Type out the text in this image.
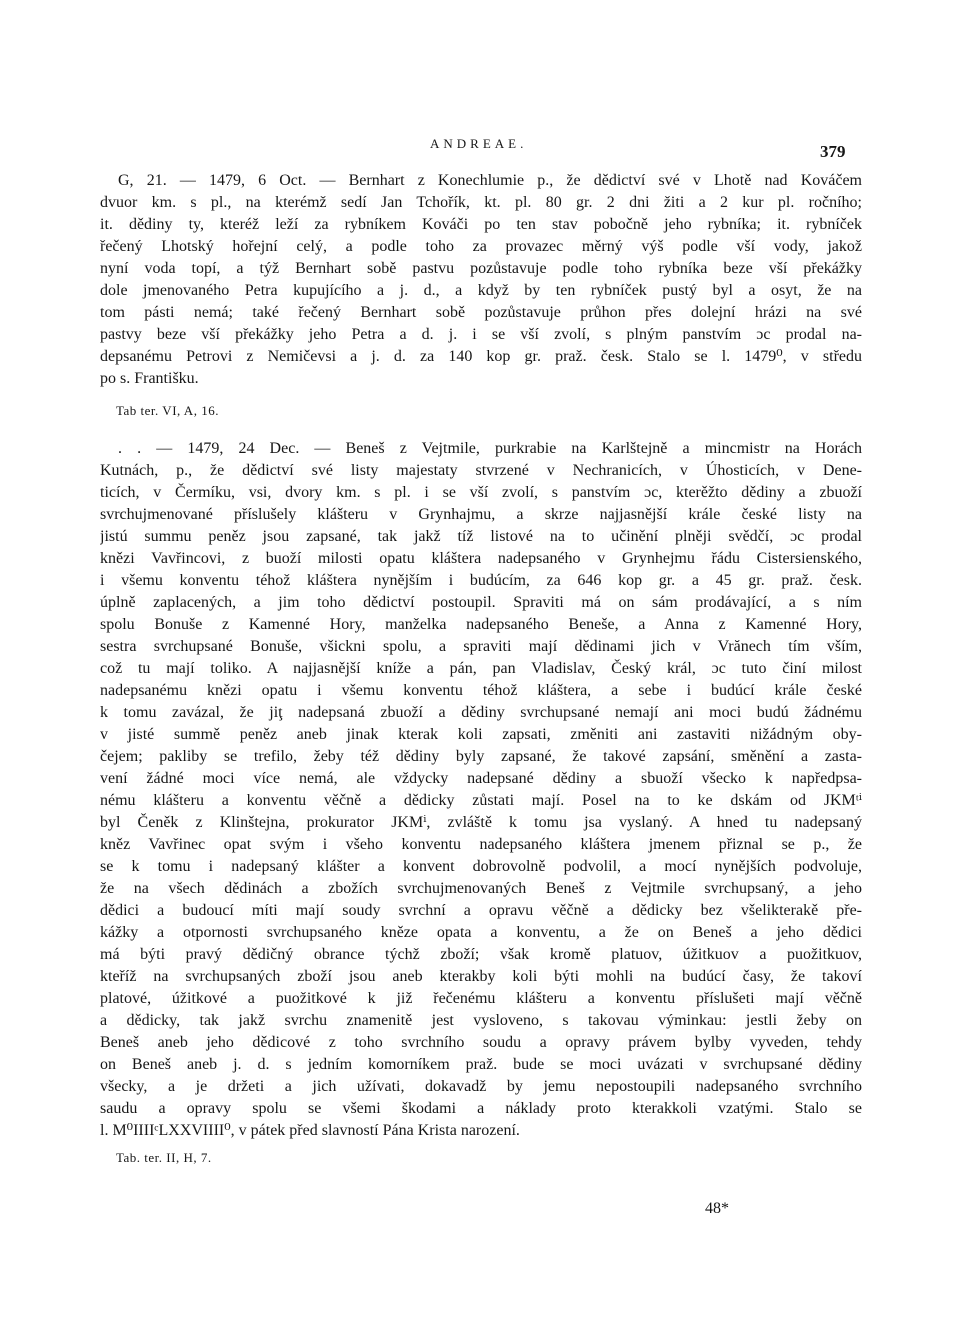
ANDREAE.	379
G, 21. — 1479, 6 Oct. — Bernhart z Konechlumie p., že dědictví své v Lhotě nad Kováčem
dvuor km. s pl., na kterémž sedí Jan Tchořík, kt. pl. 80 gr. 2 dni žiti a 2 kur pl. ročního;
it. dědiny ty, kteréž leží za rybníkem Kováči po ten stav pobočně jeho rybníka; it. rybníček
řečený Lhotský hořejní celý, a podle toho za provazec měrný výš podle vší vody, jakož
nyní voda topí, a týž Bernhart sobě pastvu pozůstavuje podle toho rybníka beze vší překážky
dole jmenovaného Petra kupujícího a j. d., a když by ten rybníček pustý byl a osyt, že na
tom pásti nemá; také řečený Bernhart sobě pozůstavuje průhon přes dolejní hrázi na své
pastvy beze vší překážky jeho Petra a d. j. i se vší zvolí, s plným panstvím ɔc prodal na-
depsanému Petrovi z Nemičevsi a j. d. za 140 kop gr. praž. česk. Stalo se l. 1479⁰, v středu
po s. Františku.
Tab ter. VI, A, 16.
. . — 1479, 24 Dec. — Beneš z Vejtmile, purkrabie na Karlštejně a mincmistr na Horách
Kutnách, p., že dědictví své listy majestaty stvrzené v Nechranicích, v Úhosticích, v Dene-
ticích, v Čermíku, vsi, dvory km. s pl. i se vší zvolí, s panstvím ɔc, kterěžto dědiny a zbuoží
svrchujmenované příslušely klášteru v Grynhajmu, a skrze najjasnější krále české listy na
jistú summu peněz jsou zapsané, tak jakž tíž listové na to učinění plněji svědčí, ɔc prodal
knězi Vavřincovi, z buoží milosti opatu kláštera nadepsaného v Grynhejmu řádu Cistersienského,
i všemu konventu téhož kláštera nynějším i budúcím, za 646 kop gr. a 45 gr. praž. česk.
úplně zaplacených, a jim toho dědictví postoupil. Spraviti má on sám prodávající, a s ním
spolu Bonuše z Kamenné Hory, manželka nadepsaného Beneše, a Anna z Kamenné Hory,
sestra svrchupsané Bonuše, všickni spolu, a spraviti mají dědinami jich v Vrănech tím vším,
což tu mají toliko. A najjasnější kníže a pán, pan Vladislav, Český král, ɔc tuto činí milost
nadepsanému knězi opatu i všemu konventu téhož kláštera, a sebe i budúcí krále české
k tomu zavázal, že jiţ nadepsaná zbuoží a dědiny svrchupsané nemají ani moci budú žádnému
v jisté summě peněz aneb jinak kterak koli zapsati, změniti ani zastaviti nižádným oby-
čejem; pakliby se trefilo, žeby též dědiny byly zapsané, že takové zapsání, směnění a zasta-
vení žádné moci více nemá, ale vždycky nadepsané dědiny a sbuoží všecko k napředpsa-
nému klášteru a konventu věčně a dědicky zůstati mají. Posel na to ke dskám od JKMᵗⁱ
byl Čeněk z Klinštejna, prokurator JKMⁱ, zvláště k tomu jsa vyslaný. A hned tu nadepsaný
kněz Vavřinec opat svým i všeho konventu nadepsaného kláštera jmenem přiznal se p., že
se k tomu i nadepsaný klášter a konvent dobrovolně podvolil, a mocí nynějších podvoluje,
že na všech dědinách a zbožích svrchujmenovaných Beneš z Vejtmile svrchupsaný, a jeho
dědici a budoucí míti mají soudy svrchní a opravu věčně a dědicky bez všelikterakě pře-
kážky a otpornosti svrchupsaného kněze opata a konventu, a že on Beneš a jeho dědici
má býti pravý dědičný obrance týchž zboží; však kromě platuov, úžitkuov a puožitkuov,
kteříž na svrchupsaných zboží jsou aneb kterakby koli býti mohli na budúcí časy, že takoví
platové, úžitkové a puožitkové k již řečenému klášteru a konventu příslušeti mají věčně
a dědicky, tak jakž svrchu znamenitě jest vysloveno, s takovau výminkau: jestli žeby on
Beneš aneb jeho dědicové z toho svrchního soudu a opravy právem bylby vyveden, tehdy
on Beneš aneb j. d. s jedním komorníkem praž. bude se moci uvázati v svrchupsané dědiny
všecky, a je držeti a jich užívati, dokavadž by jemu nepostoupili nadepsaného svrchního
saudu a opravy spolu se všemi škodami a náklady proto kterakkoli vzatými. Stalo se
l. M⁰IIIIᶜLXXVIIII⁰, v pátek před slavností Pána Krista narození.
Tab. ter. II, H, 7.
48*
